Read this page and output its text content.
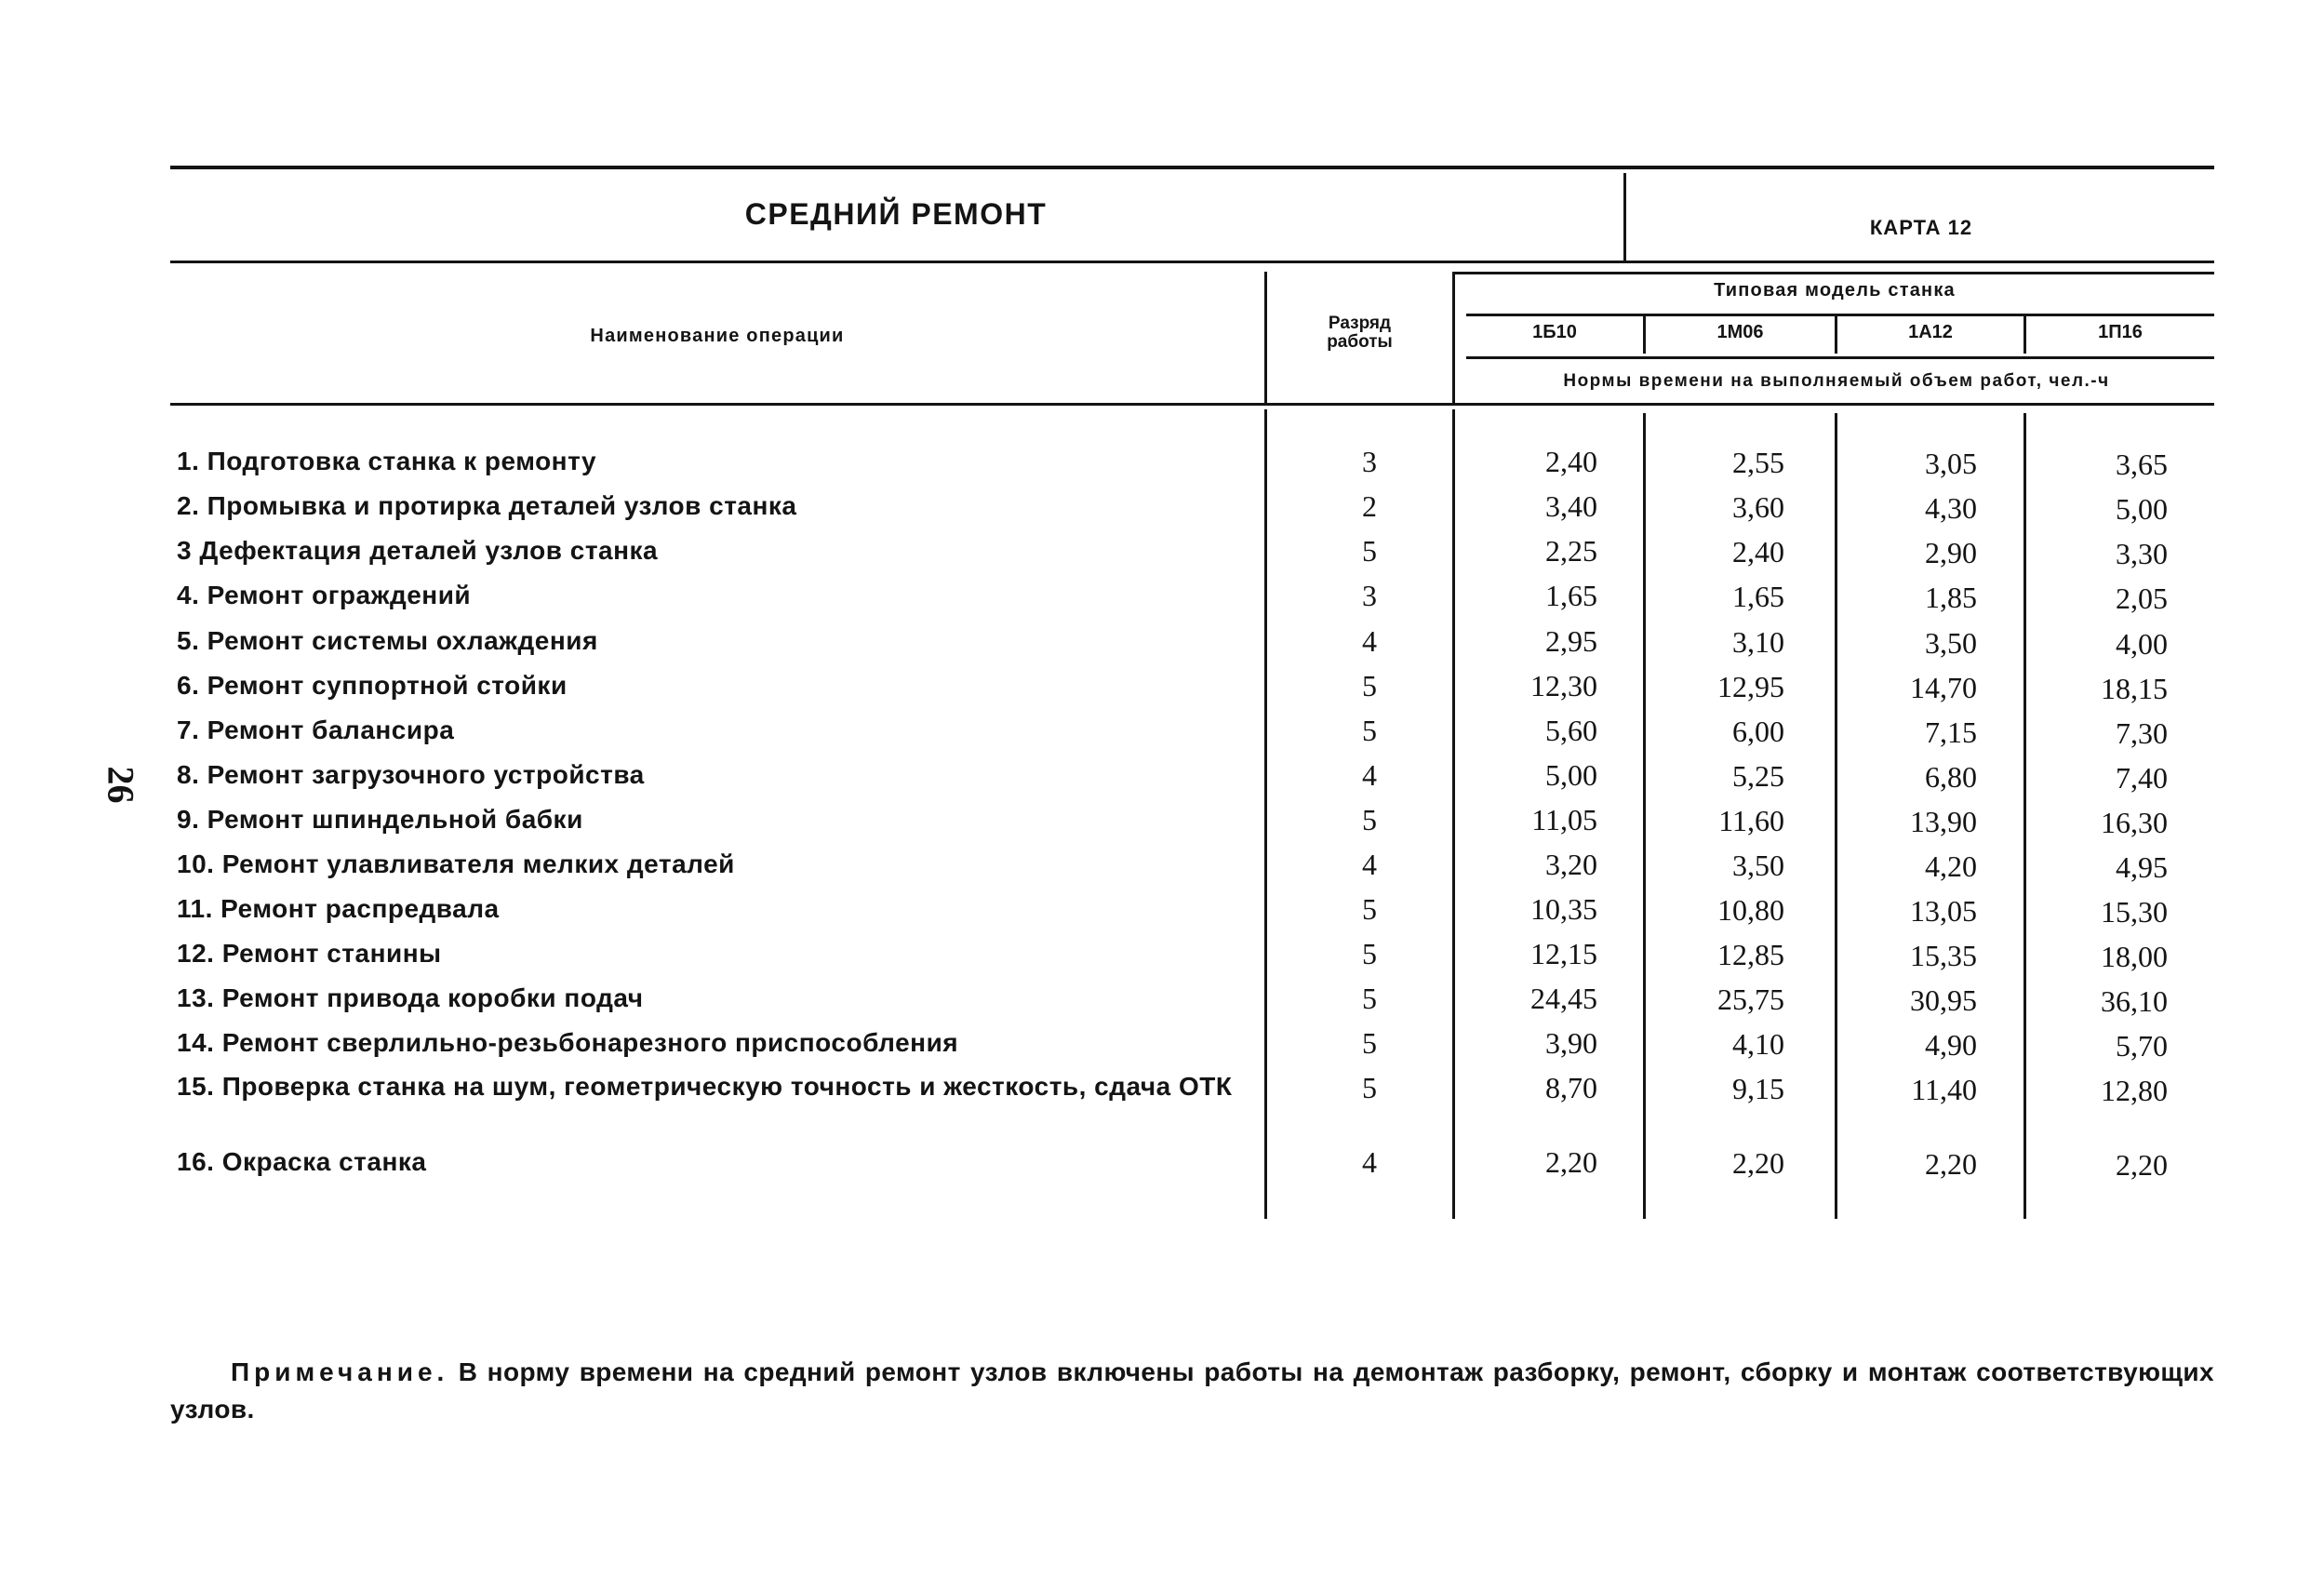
26
СРЕДНИЙ РЕМОНТ	КАРТА 12
Типовая модель станка
1Б10	1М06	1А12	1П16
Нормы времени на выполняемый объем работ, чел.-ч
Наименование операции
Разряд
работы
1. Подготовка станка к ремонту	3	2,40	2,55	3,05	3,65
2. Промывка и протирка деталей узлов станка	2	3,40	3,60	4,30	5,00
3 Дефектация деталей узлов станка	5	2,25	2,40	2,90	3,30
4. Ремонт ограждений	3	1,65	1,65	1,85	2,05
5. Ремонт системы охлаждения	4	2,95	3,10	3,50	4,00
6. Ремонт суппортной стойки	5	12,30	12,95	14,70	18,15
7. Ремонт балансира	5	5,60	6,00	7,15	7,30
8. Ремонт загрузочного устройства	4	5,00	5,25	6,80	7,40
9. Ремонт шпиндельной бабки	5	11,05	11,60	13,90	16,30
10. Ремонт улавливателя мелких деталей	4	3,20	3,50	4,20	4,95
11. Ремонт распредвала	5	10,35	10,80	13,05	15,30
12. Ремонт станины	5	12,15	12,85	15,35	18,00
13. Ремонт привода коробки подач	5	24,45	25,75	30,95	36,10
14. Ремонт сверлильно-резьбонарезного приспособления	5	3,90	4,10	4,90	5,70
15. Проверка станка на шум, геометрическую точность и жесткость, сдача ОТК	5	8,70	9,15	11,40	12,80
16. Окраска станка	4	2,20	2,20	2,20	2,20
Примечание. В норму времени на средний ремонт узлов включены работы на демонтаж разборку, ремонт, сборку и монтаж соответствующих узлов.
